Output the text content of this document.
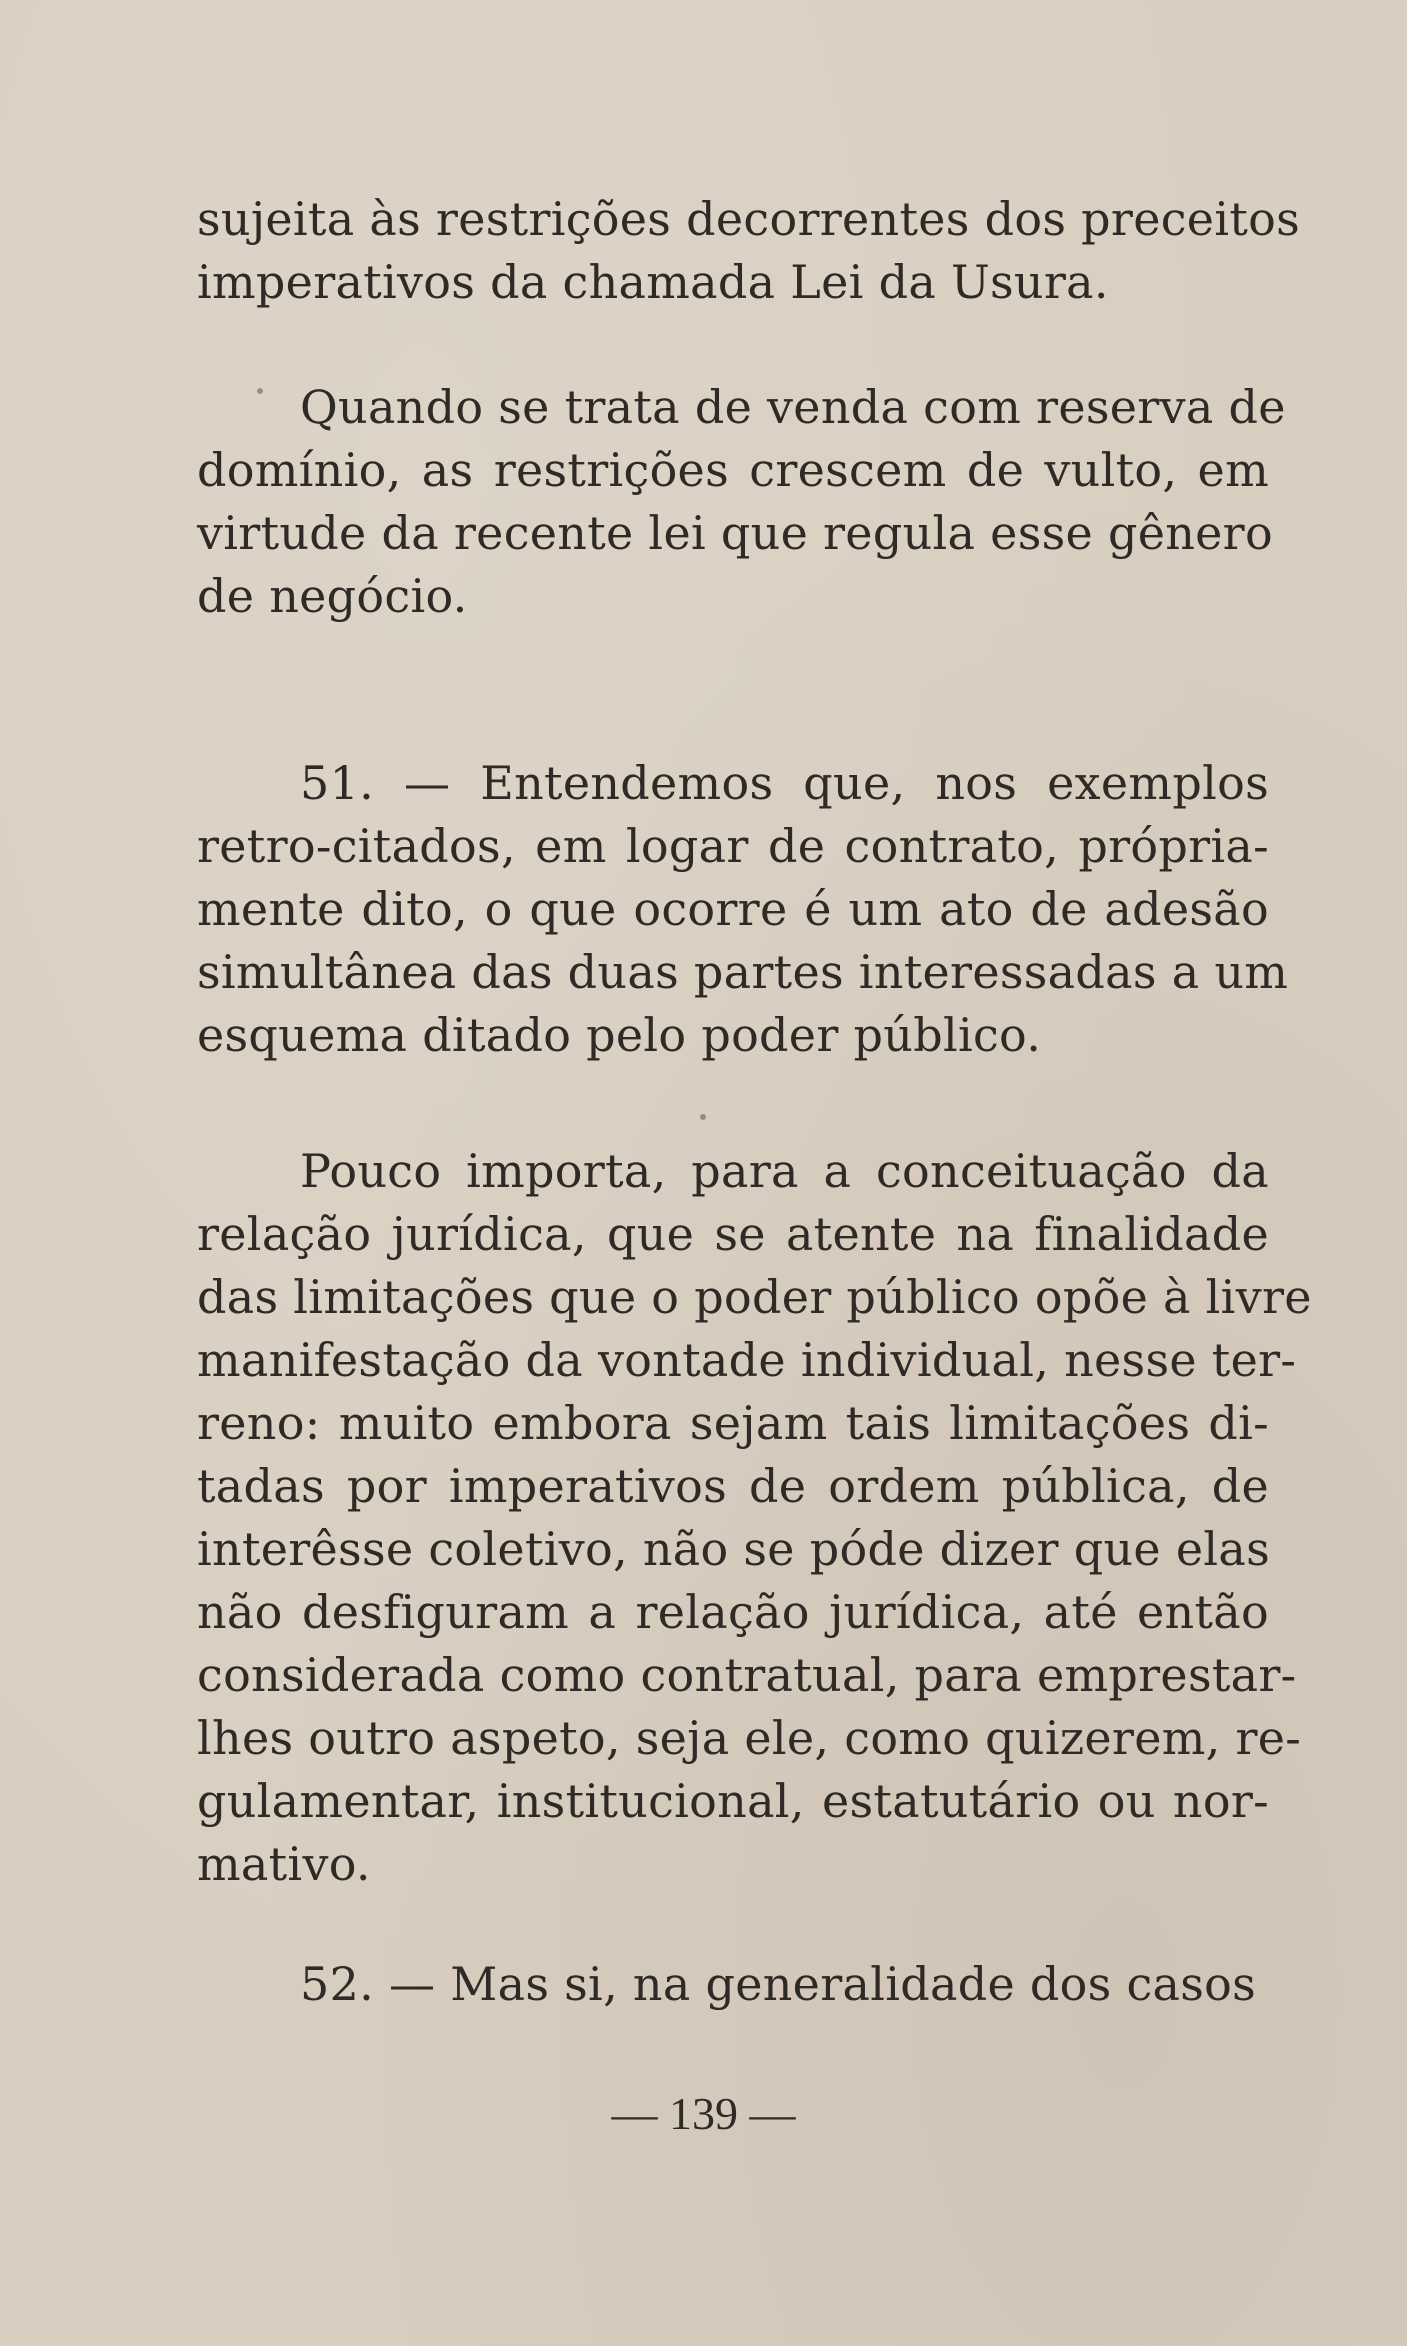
sujeita às restrições decorrentes dos preceitos
imperativos da chamada Lei da Usura.
Quando se trata de venda com reserva de
domínio, as restrições crescem de vulto, em
virtude da recente lei que regula esse gênero
de negócio.
51. — Entendemos que, nos exemplos
retro-citados, em logar de contrato, própria-
mente dito, o que ocorre é um ato de adesão
simultânea das duas partes interessadas a um
esquema ditado pelo poder público.
Pouco importa, para a conceituação da
relação jurídica, que se atente na finalidade
das limitações que o poder público opõe à livre
manifestação da vontade individual, nesse ter-
reno: muito embora sejam tais limitações di-
tadas por imperativos de ordem pública, de
interêsse coletivo, não se póde dizer que elas
não desfiguram a relação jurídica, até então
considerada como contratual, para emprestar-
lhes outro aspeto, seja ele, como quizerem, re-
gulamentar, institucional, estatutário ou nor-
mativo.
52. — Mas si, na generalidade dos casos
— 139 —
